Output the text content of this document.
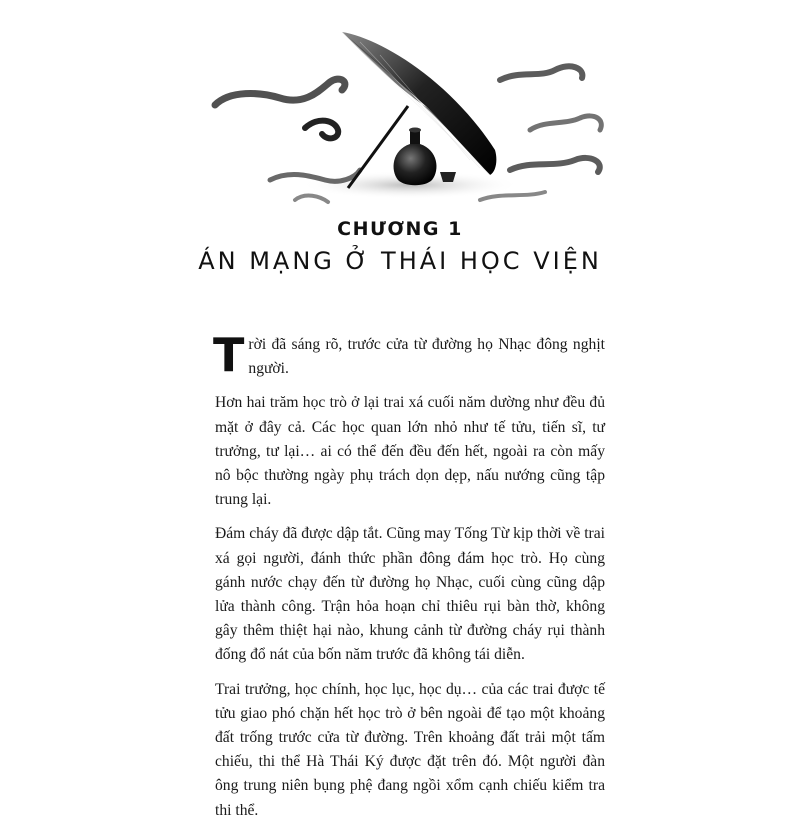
CHƯƠNG 1
ÁN MẠNG Ở THÁI HỌC VIỆN

Trời đã sáng rõ, trước cửa từ đường họ Nhạc đông nghịt người.

Hơn hai trăm học trò ở lại trai xá cuối năm dường như đều đủ mặt ở đây cả. Các học quan lớn nhỏ như tế tửu, tiến sĩ, tư trưởng, tư lại… ai có thể đến đều đến hết, ngoài ra còn mấy nô bộc thường ngày phụ trách dọn dẹp, nấu nướng cũng tập trung lại.

Đám cháy đã được dập tắt. Cũng may Tống Từ kịp thời về trai xá gọi người, đánh thức phần đông đám học trò. Họ cùng gánh nước chạy đến từ đường họ Nhạc, cuối cùng cũng dập lửa thành công. Trận hỏa hoạn chỉ thiêu rụi bàn thờ, không gây thêm thiệt hại nào, khung cảnh từ đường cháy rụi thành đống đổ nát của bốn năm trước đã không tái diễn.

Trai trưởng, học chính, học lục, học dụ… của các trai được tế tửu giao phó chặn hết học trò ở bên ngoài để tạo một khoảng đất trống trước cửa từ đường. Trên khoảng đất trải một tấm chiếu, thi thể Hà Thái Ký được đặt trên đó. Một người đàn ông trung niên bụng phệ đang ngồi xổm cạnh chiếu kiểm tra thi thể.
